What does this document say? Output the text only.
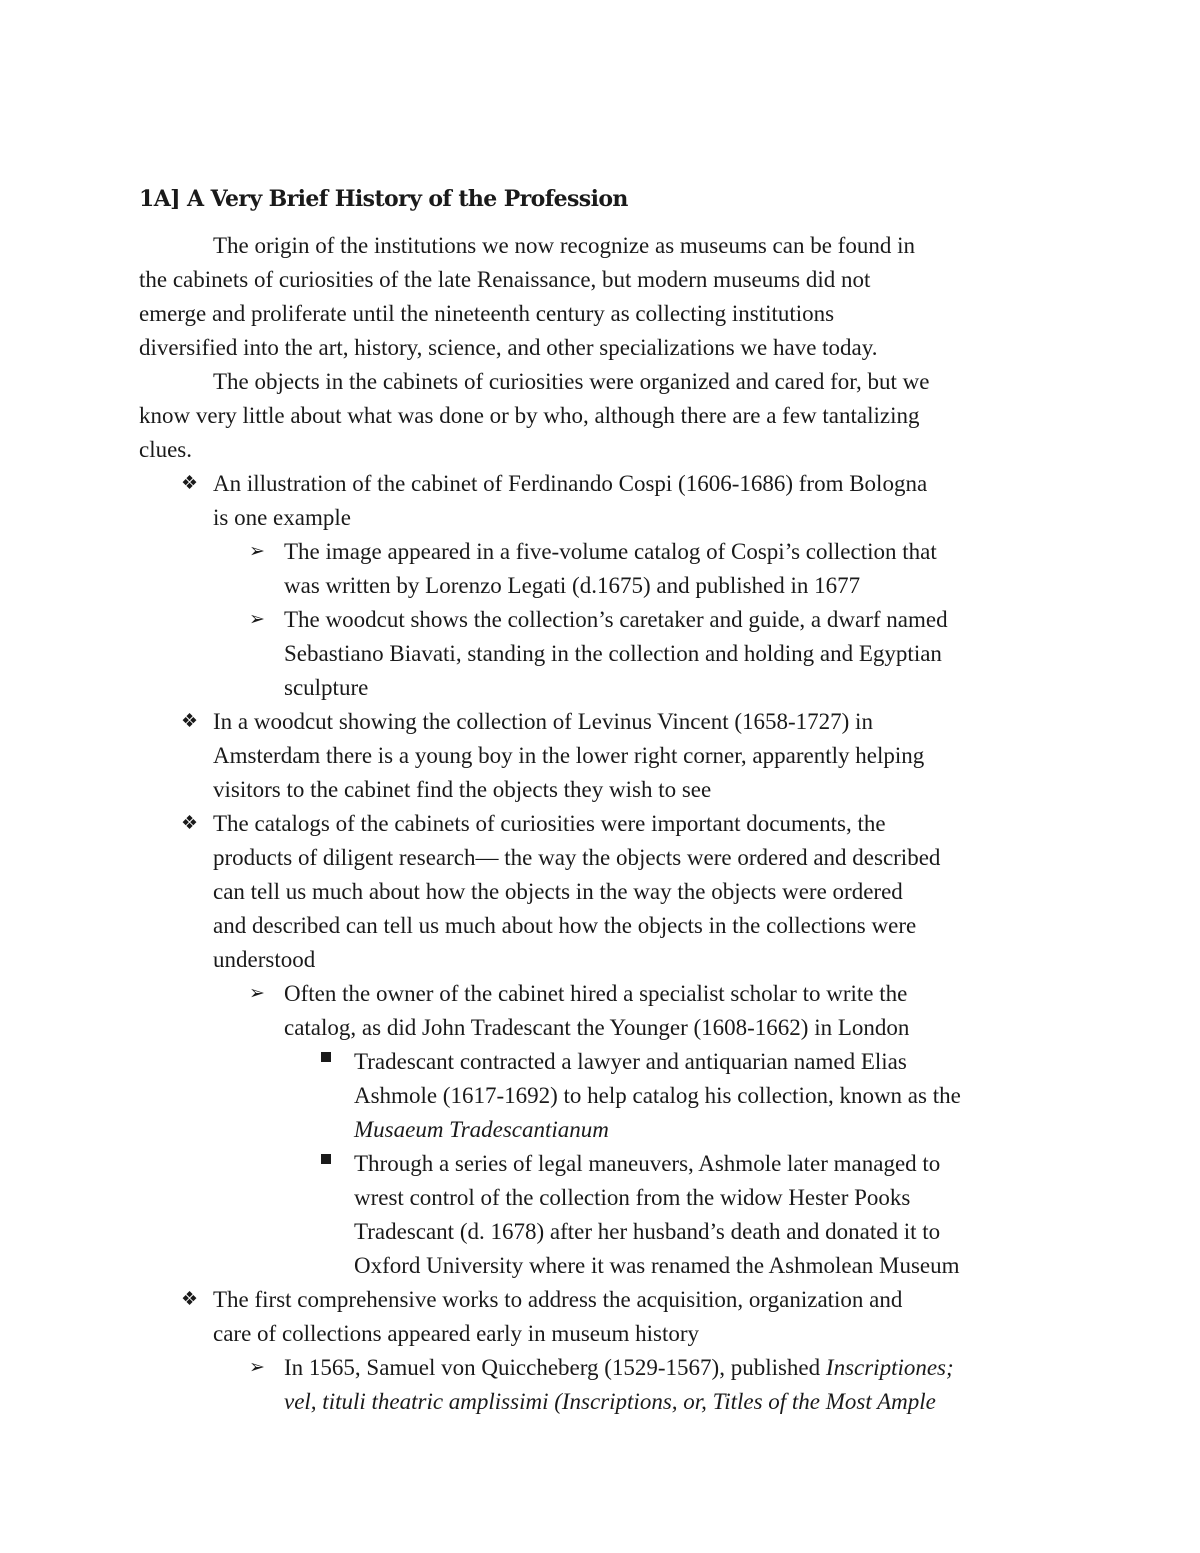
1A] A Very Brief History of the Profession
The origin of the institutions we now recognize as museums can be found in
the cabinets of curiosities of the late Renaissance, but modern museums did not
emerge and proliferate until the nineteenth century as collecting institutions
diversified into the art, history, science, and other specializations we have today.
The objects in the cabinets of curiosities were organized and cared for, but we
know very little about what was done or by who, although there are a few tantalizing
clues.
❖ An illustration of the cabinet of Ferdinando Cospi (1606-1686) from Bologna
is one example
➢ The image appeared in a five-volume catalog of Cospi’s collection that
was written by Lorenzo Legati (d.1675) and published in 1677
➢ The woodcut shows the collection’s caretaker and guide, a dwarf named
Sebastiano Biavati, standing in the collection and holding and Egyptian
sculpture
❖ In a woodcut showing the collection of Levinus Vincent (1658-1727) in
Amsterdam there is a young boy in the lower right corner, apparently helping
visitors to the cabinet find the objects they wish to see
❖ The catalogs of the cabinets of curiosities were important documents, the
products of diligent research— the way the objects were ordered and described
can tell us much about how the objects in the way the objects were ordered
and described can tell us much about how the objects in the collections were
understood
➢ Often the owner of the cabinet hired a specialist scholar to write the
catalog, as did John Tradescant the Younger (1608-1662) in London
Tradescant contracted a lawyer and antiquarian named Elias
Ashmole (1617-1692) to help catalog his collection, known as the
Musaeum Tradescantianum
Through a series of legal maneuvers, Ashmole later managed to
wrest control of the collection from the widow Hester Pooks
Tradescant (d. 1678) after her husband’s death and donated it to
Oxford University where it was renamed the Ashmolean Museum
❖ The first comprehensive works to address the acquisition, organization and
care of collections appeared early in museum history
➢ In 1565, Samuel von Quiccheberg (1529-1567), published Inscriptiones;
vel, tituli theatric amplissimi (Inscriptions, or, Titles of the Most Ample
